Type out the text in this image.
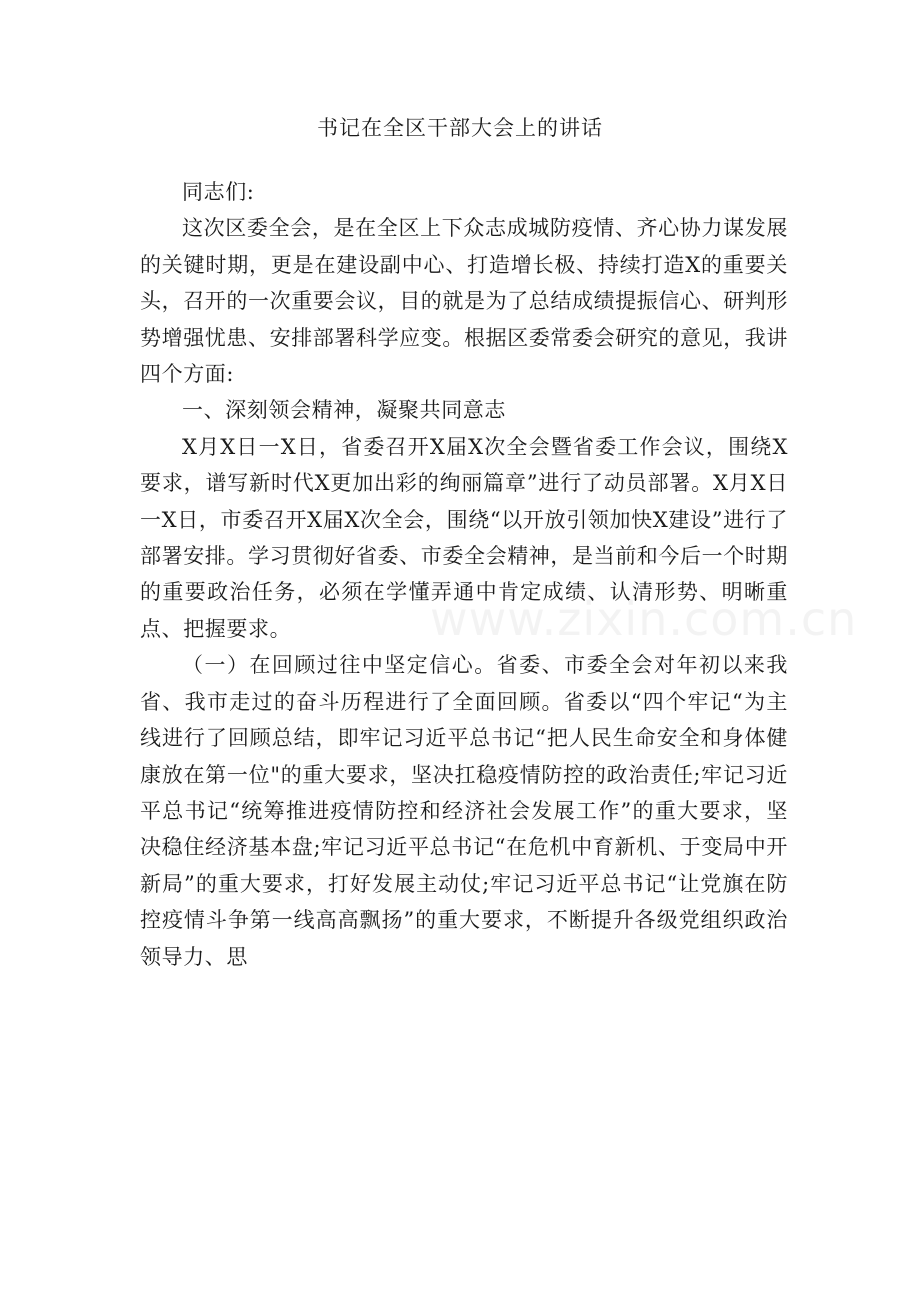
书记在全区干部大会上的讲话

同志们:

这次区委全会，是在全区上下众志成城防疫情、齐心协力谋发展的关键时期，更是在建设副中心、打造增长极、持续打造X的重要关头，召开的一次重要会议，目的就是为了总结成绩提振信心、研判形势增强忧患、安排部署科学应变。根据区委常委会研究的意见，我讲四个方面:

一、深刻领会精神，凝聚共同意志

X月X日一X日，省委召开X届X次全会暨省委工作会议，围绕X要求，谱写新时代X更加出彩的绚丽篇章”进行了动员部署。X月X日一X日，市委召开X届X次全会，围绕“以开放引领加快X建设”进行了部署安排。学习贯彻好省委、市委全会精神，是当前和今后一个时期的重要政治任务，必须在学懂弄通中肯定成绩、认清形势、明晰重点、把握要求。

（一）在回顾过往中坚定信心。省委、市委全会对年初以来我省、我市走过的奋斗历程进行了全面回顾。省委以“四个牢记“为主线进行了回顾总结，即牢记习近平总书记“把人民生命安全和身体健康放在第一位"的重大要求，坚决扛稳疫情防控的政治责任;牢记习近平总书记“统筹推进疫情防控和经济社会发展工作”的重大要求，坚决稳住经济基本盘;牢记习近平总书记“在危机中育新机、于变局中开新局”的重大要求，打好发展主动仗;牢记习近平总书记“让党旗在防控疫情斗争第一线高高飘扬”的重大要求，不断提升各级党组织政治领导力、思

www.zixin.com.cn
